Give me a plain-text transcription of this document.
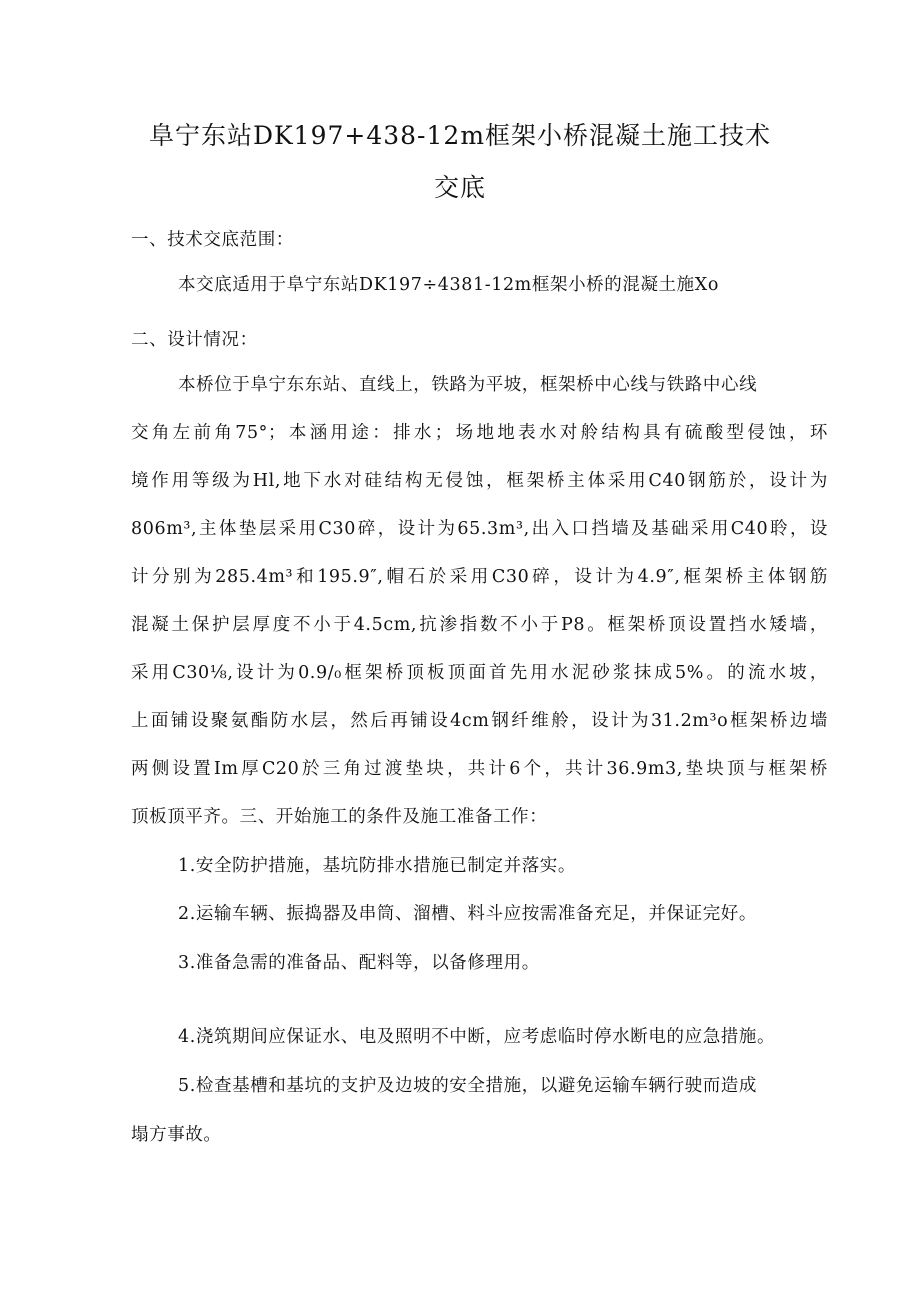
阜宁东站DK197+438-12m框架小桥混凝土施工技术
交底
一、技术交底范围：
本交底适用于阜宁东站DK197÷4381-12m框架小桥的混凝土施Xo
二、设计情况：
本桥位于阜宁东东站、直线上，铁路为平坡，框架桥中心线与铁路中心线
交角左前角75°；本涵用途：排水；场地地表水对舲结构具有硫酸型侵蚀，环
境作用等级为Hl,地下水对硅结构无侵蚀，框架桥主体采用C40钢筋於，设计为
806m³,主体垫层采用C30碎，设计为65.3m³,出入口挡墙及基础采用C40聆，设
计分别为285.4m³和195.9″,帽石於采用C30碎，设计为4.9″,框架桥主体钢筋
混凝土保护层厚度不小于4.5cm,抗渗指数不小于P8。框架桥顶设置挡水矮墙，
采用C30⅛,设计为0.9/₀框架桥顶板顶面首先用水泥砂浆抹成5%。的流水坡，
上面铺设聚氨酯防水层，然后再铺设4cm钢纤维舲，设计为31.2m³o框架桥边墙
两侧设置Im厚C20於三角过渡垫块，共计6个，共计36.9m3,垫块顶与框架桥
顶板顶平齐。三、开始施工的条件及施工准备工作：
1.安全防护措施，基坑防排水措施已制定并落实。
2.运输车辆、振捣器及串筒、溜槽、料斗应按需准备充足，并保证完好。
3.准备急需的准备品、配料等，以备修理用。
4.浇筑期间应保证水、电及照明不中断，应考虑临时停水断电的应急措施。
5.检查基槽和基坑的支护及边坡的安全措施，以避免运输车辆行驶而造成
塌方事故。
